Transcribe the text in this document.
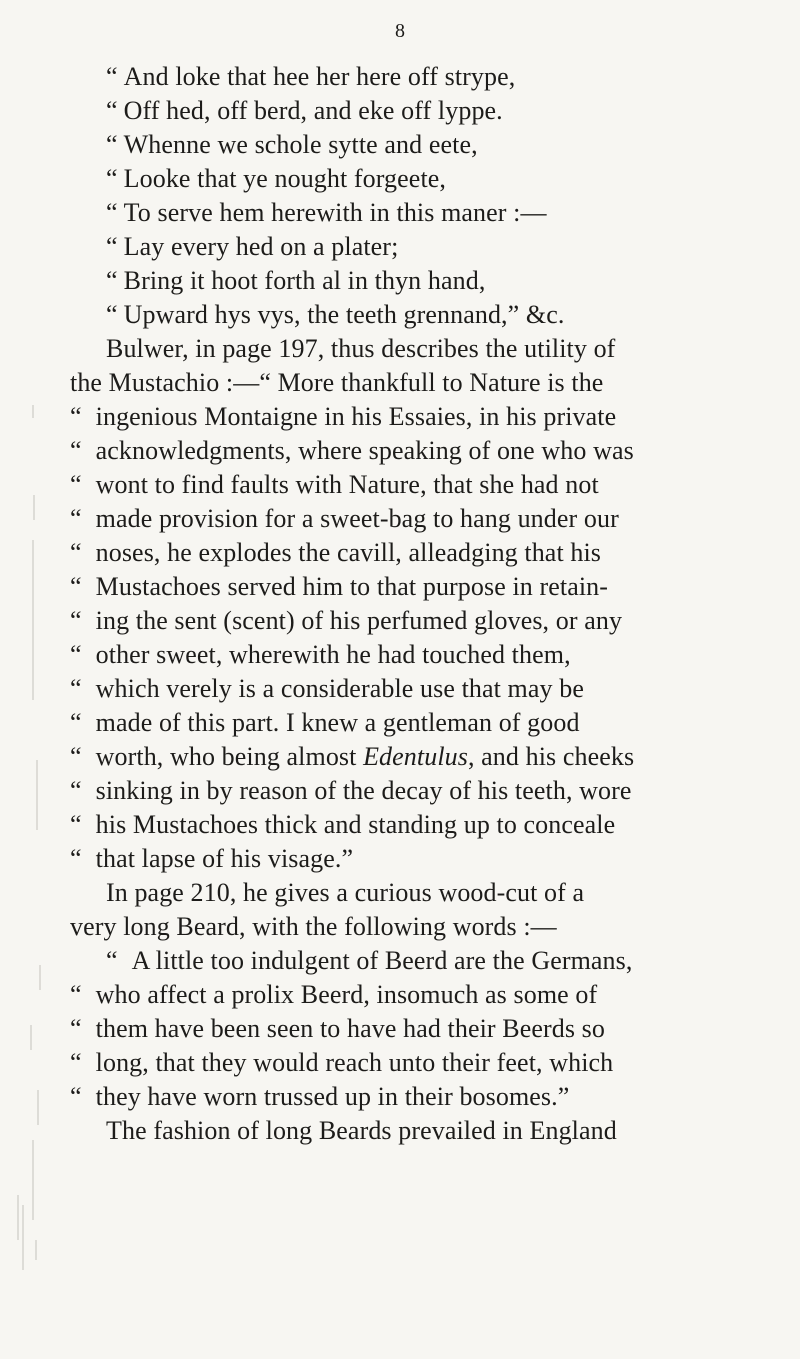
8
“ And loke that hee her here off strype,
“ Off hed, off berd, and eke off lyppe.
“ Whenne we schole sytte and eete,
“ Looke that ye nought forgeete,
“ To serve hem herewith in this maner :—
“ Lay every hed on a plater;
“ Bring it hoot forth al in thyn hand,
“ Upward hys vys, the teeth grennand,” &c.
Bulwer, in page 197, thus describes the utility of
the Mustachio :—“ More thankfull to Nature is the
“ ingenious Montaigne in his Essaies, in his private
“ acknowledgments, where speaking of one who was
“ wont to find faults with Nature, that she had not
“ made provision for a sweet-bag to hang under our
“ noses, he explodes the cavill, alleadging that his
“ Mustachoes served him to that purpose in retain-
“ ing the sent (scent) of his perfumed gloves, or any
“ other sweet, wherewith he had touched them,
“ which verely is a considerable use that may be
“ made of this part. I knew a gentleman of good
“ worth, who being almost Edentulus, and his cheeks
“ sinking in by reason of the decay of his teeth, wore
“ his Mustachoes thick and standing up to conceale
“ that lapse of his visage.”
In page 210, he gives a curious wood-cut of a
very long Beard, with the following words :—
“ A little too indulgent of Beerd are the Germans,
“ who affect a prolix Beerd, insomuch as some of
“ them have been seen to have had their Beerds so
“ long, that they would reach unto their feet, which
“ they have worn trussed up in their bosomes.”
The fashion of long Beards prevailed in England
